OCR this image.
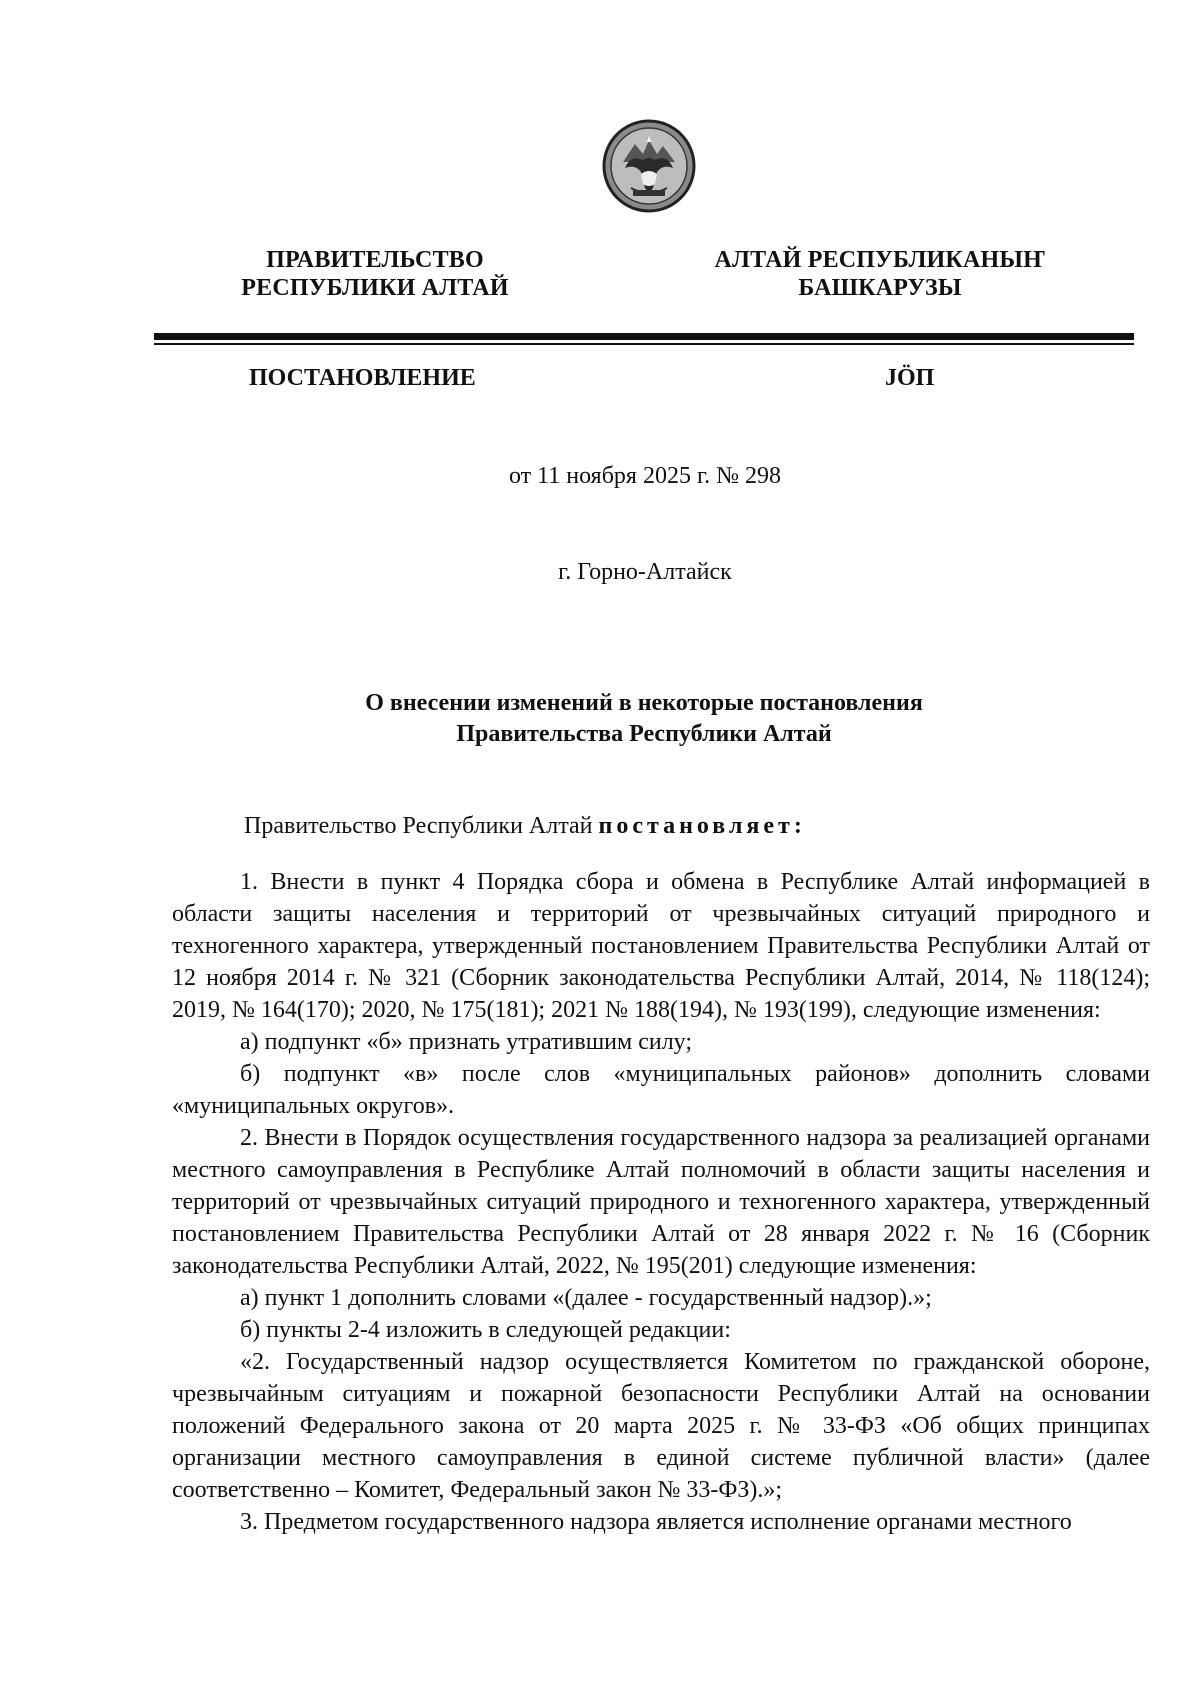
ПРАВИТЕЛЬСТВО
РЕСПУБЛИКИ АЛТАЙ
АЛТАЙ РЕСПУБЛИКАНЫҤ
БАШКАРУЗЫ
ПОСТАНОВЛЕНИЕ	JӦП
от 11 ноября 2025 г. № 298
г. Горно-Алтайск
О внесении изменений в некоторые постановления
Правительства Республики Алтай
Правительство Республики Алтай постановляет:

1. Внести в пункт 4 Порядка сбора и обмена в Республике Алтай информацией в области защиты населения и территорий от чрезвычайных ситуаций природного и техногенного характера, утвержденный постановлением Правительства Республики Алтай от 12 ноября 2014 г. № 321 (Сборник законодательства Республики Алтай, 2014, № 118(124); 2019, № 164(170); 2020, № 175(181); 2021 № 188(194), № 193(199), следующие изменения:

а) подпункт «б» признать утратившим силу;

б) подпункт «в» после слов «муниципальных районов» дополнить словами «муниципальных округов».

2. Внести в Порядок осуществления государственного надзора за реализацией органами местного самоуправления в Республике Алтай полномочий в области защиты населения и территорий от чрезвычайных ситуаций природного и техногенного характера, утвержденный постановлением Правительства Республики Алтай от 28 января 2022 г. № 16 (Сборник законодательства Республики Алтай, 2022, № 195(201) следующие изменения:

а) пункт 1 дополнить словами «(далее - государственный надзор).»;

б) пункты 2-4 изложить в следующей редакции:

«2. Государственный надзор осуществляется Комитетом по гражданской обороне, чрезвычайным ситуациям и пожарной безопасности Республики Алтай на основании положений Федерального закона от 20 марта 2025 г. № 33-ФЗ «Об общих принципах организации местного самоуправления в единой системе публичной власти» (далее соответственно – Комитет, Федеральный закон № 33-ФЗ).»;

3. Предметом государственного надзора является исполнение органами местного
